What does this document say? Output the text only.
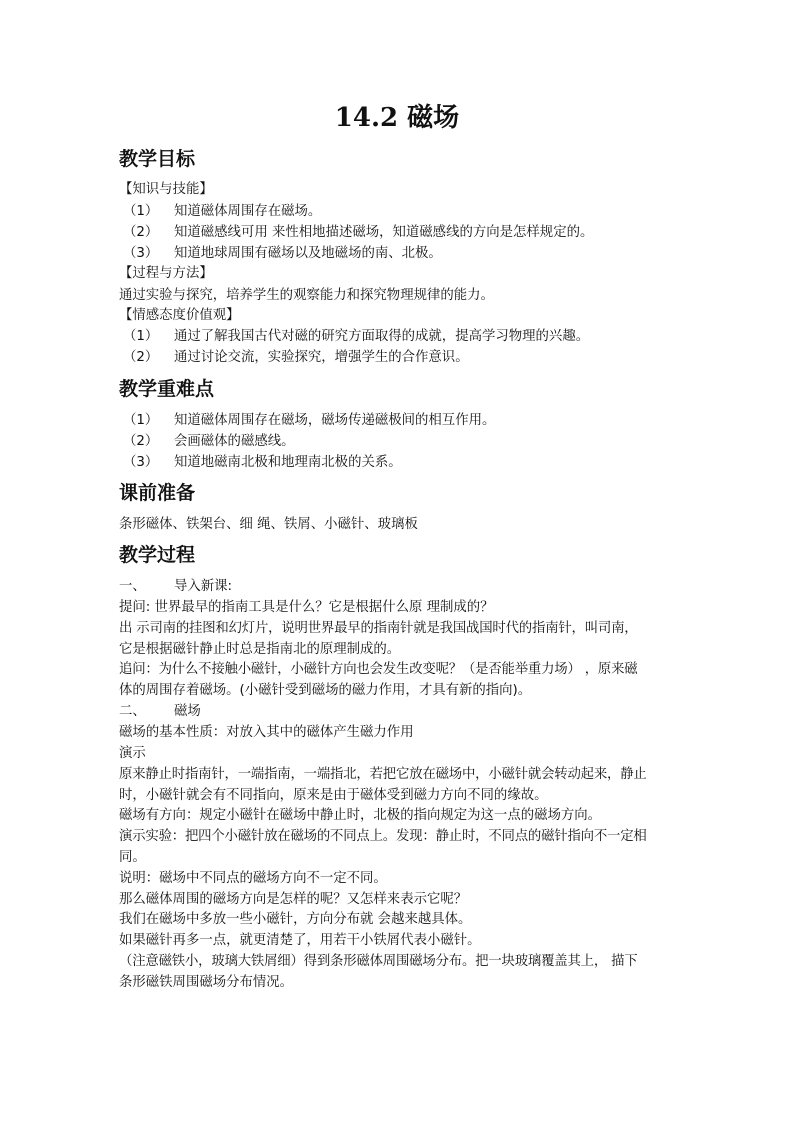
14.2 磁场
教学目标
【知识与技能】
（1） 知道磁体周围存在磁场。
（2） 知道磁感线可用 来性相地描述磁场，知道磁感线的方向是怎样规定的。
（3） 知道地球周围有磁场以及地磁场的南、北极。
【过程与方法】
通过实验与探究，培养学生的观察能力和探究物理规律的能力。
【情感态度价值观】
（1） 通过了解我国古代对磁的研究方面取得的成就，提高学习物理的兴趣。
（2） 通过讨论交流，实验探究，增强学生的合作意识。
教学重难点
（1） 知道磁体周围存在磁场，磁场传递磁极间的相互作用。
（2） 会画磁体的磁感线。
（3） 知道地磁南北极和地理南北极的关系。
课前准备
条形磁体、铁架台、细 绳、铁屑、小磁针、玻璃板
教学过程
一、 导入新课:
提问: 世界最早的指南工具是什么？它是根据什么原 理制成的？
出 示司南的挂图和幻灯片，说明世界最早的指南针就是我国战国时代的指南针，叫司南，
它是根据磁针静止时总是指南北的原理制成的。
追问：为什么不接触小磁针，小磁针方向也会发生改变呢？（是否能举重力场） ，原来磁
体的周围存着磁场。(小磁针受到磁场的磁力作用，才具有新的指向)。
二、 磁场
磁场的基本性质：对放入其中的磁体产生磁力作用
演示
原来静止时指南针，一端指南，一端指北，若把它放在磁场中，小磁针就会转动起来，静止
时，小磁针就会有不同指向，原来是由于磁体受到磁力方向不同的缘故。
磁场有方向：规定小磁针在磁场中静止时，北极的指向规定为这一点的磁场方向。
演示实验：把四个小磁针放在磁场的不同点上。发现：静止时，不同点的磁针指向不一定相
同。
说明：磁场中不同点的磁场方向不一定不同。
那么磁体周围的磁场方向是怎样的呢？又怎样来表示它呢？
我们在磁场中多放一些小磁针，方向分布就 会越来越具体。
如果磁针再多一点，就更清楚了，用若干小铁屑代表小磁针。
（注意磁铁小，玻璃大铁屑细）得到条形磁体周围磁场分布。把一块玻璃覆盖其上， 描下
条形磁铁周围磁场分布情况。
